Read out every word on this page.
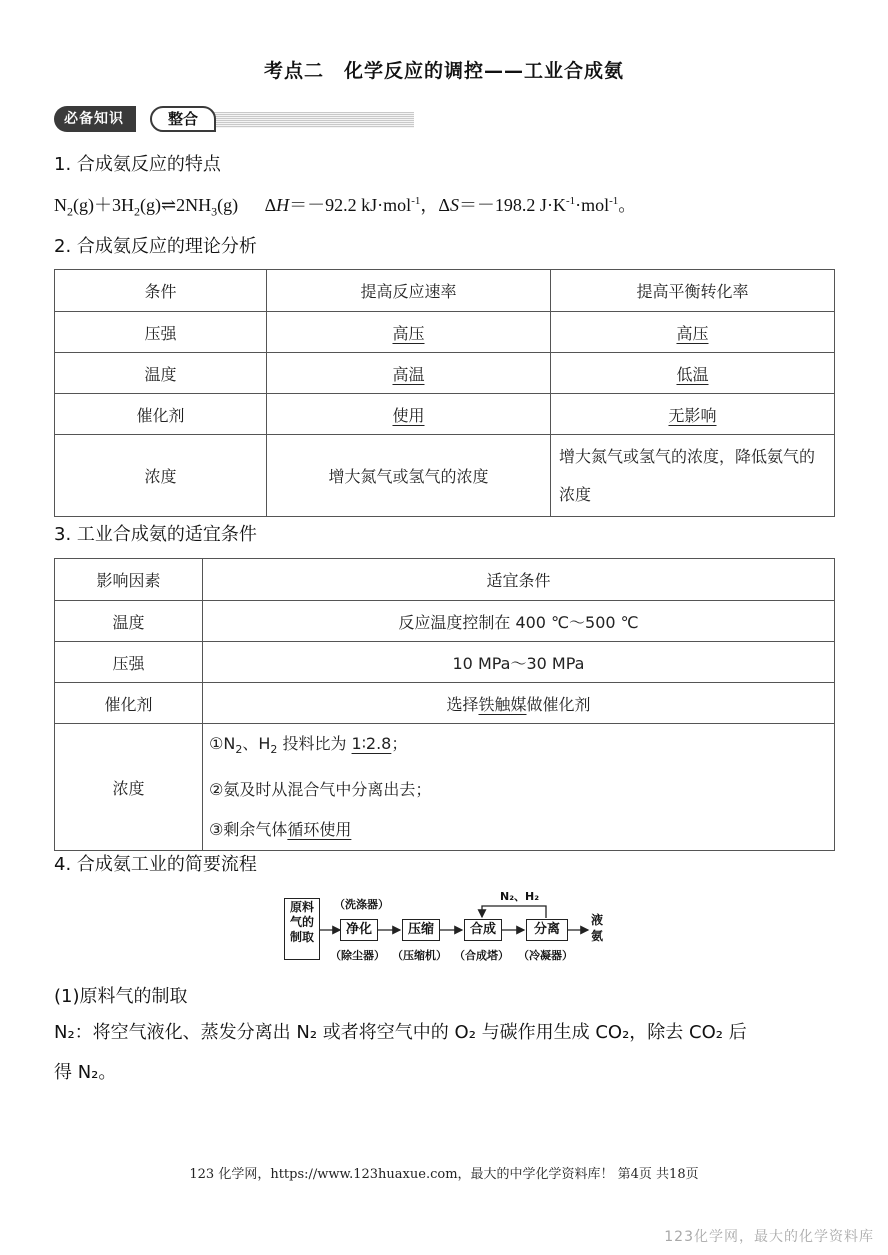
考点二　化学反应的调控——工业合成氨
必备知识	整合
1. 合成氨反应的特点
$N_2(g)+3H_2(g)\rightleftharpoons 2NH_3(g)$ ΔH＝－92.2 kJ·mol$^{-1}$，ΔS＝－198.2 $J\cdot K^{-1}\cdot mol^{-1}$。
2. 合成氨反应的理论分析
条件	提高反应速率	提高平衡转化率
压强	高压	高压
温度	高温	低温
催化剂	使用	无影响
浓度	增大氮气或氢气的浓度	增大氮气或氢气的浓度，降低氨气的浓度
3. 工业合成氨的适宜条件
影响因素	适宜条件
温度	反应温度控制在 400 ℃～500 ℃
压强	10 MPa～30 MPa
催化剂	选择铁触媒做催化剂
浓度	$①N_2$、$H_2$ 投料比为 1∶2.8；
②氨及时从混合气中分离出去；
③剩余气体循环使用
4. 合成氨工业的简要流程
原料气的制取
（洗涤器）
净化
（除尘器）
压缩
（压缩机）
合成
（合成塔）
N₂、H₂
分离
（冷凝器）
液氨
(1)原料气的制取
N₂：将空气液化、蒸发分离出 N₂ 或者将空气中的 O₂ 与碳作用生成 CO₂，除去 CO₂ 后
得 N₂。
123 化学网，https://www.123huaxue.com，最大的中学化学资料库！ 第4页 共18页
123化学网，最大的化学资料库
